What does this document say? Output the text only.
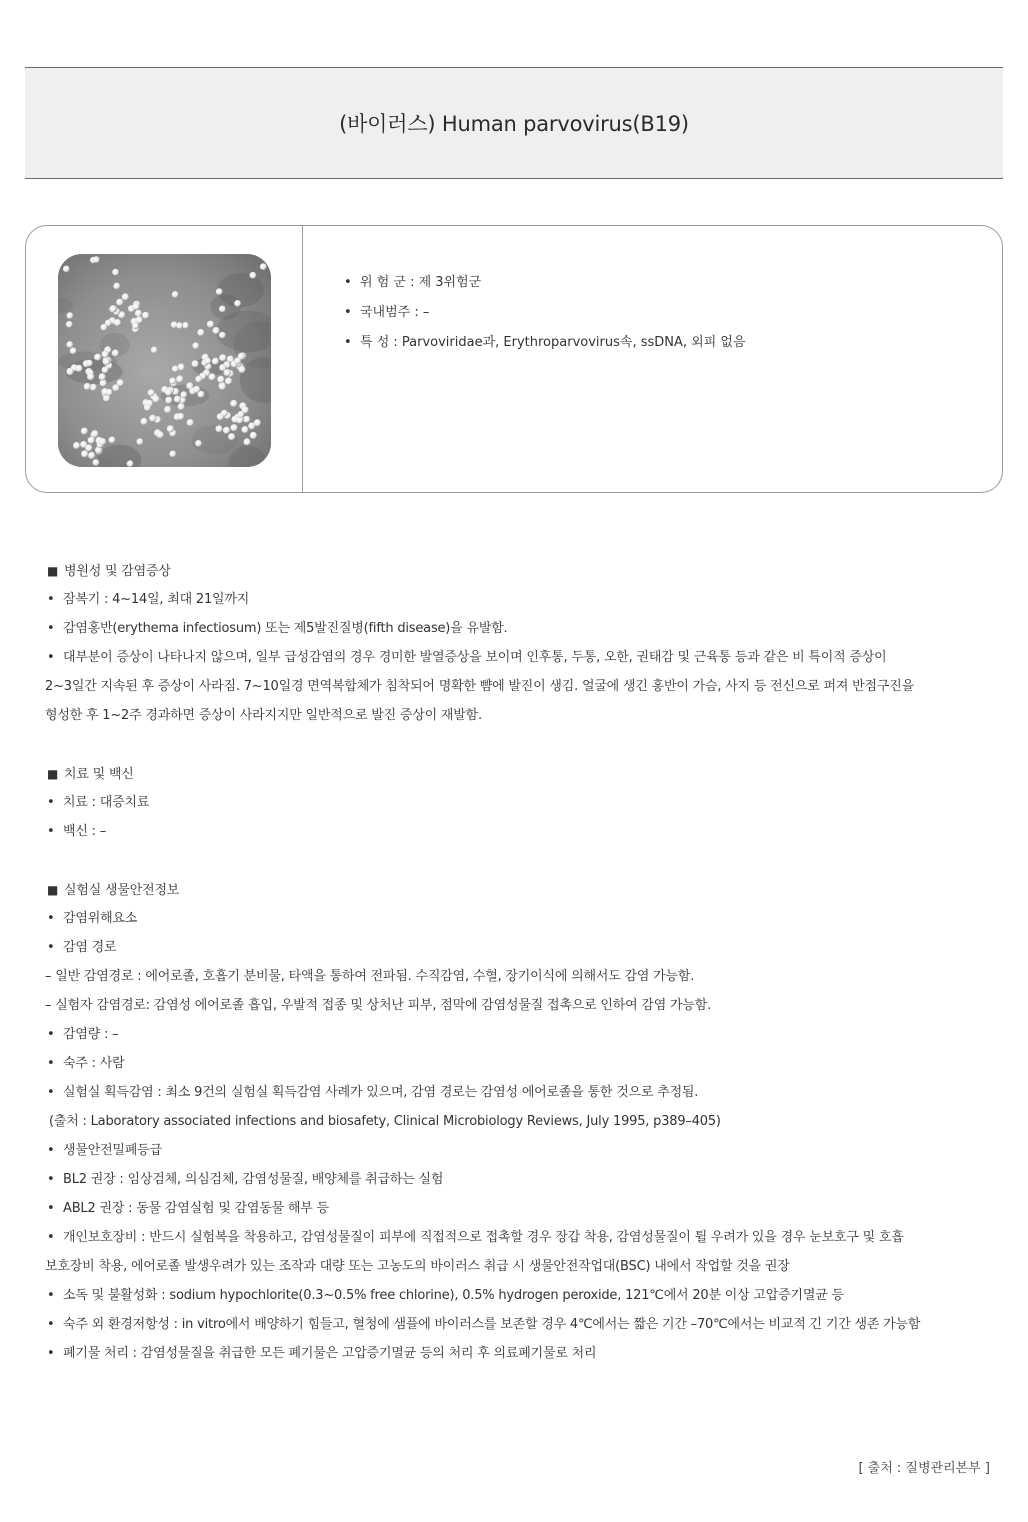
(바이러스) Human parvovirus(B19)
• 위 험 군 : 제 3위험군
• 국내범주 : –
• 특 성 : Parvoviridae과, Erythroparvovirus속, ssDNA, 외피 없음
■ 병원성 및 감염증상
• 잠복기 : 4~14일, 최대 21일까지
• 감염홍반(erythema infectiosum) 또는 제5발진질병(fifth disease)을 유발함.
• 대부분이 증상이 나타나지 않으며, 일부 급성감염의 경우 경미한 발열증상을 보이며 인후통, 두통, 오한, 권태감 및 근육통 등과 같은 비 특이적 증상이
2~3일간 지속된 후 증상이 사라짐. 7~10일경 면역복합체가 침착되어 명확한 뺨에 발진이 생김. 얼굴에 생긴 홍반이 가슴, 사지 등 전신으로 퍼져 반점구진을
형성한 후 1~2주 경과하면 증상이 사라지지만 일반적으로 발진 증상이 재발함.
■ 치료 및 백신
• 치료 : 대증치료
• 백신 : –
■ 실험실 생물안전정보
• 감염위해요소
• 감염 경로
– 일반 감염경로 : 에어로졸, 호흡기 분비물, 타액을 통하여 전파됨. 수직감염, 수혈, 장기이식에 의해서도 감염 가능함.
– 실험자 감염경로: 감염성 에어로졸 흡입, 우발적 접종 및 상처난 피부, 점막에 감염성물질 접촉으로 인하여 감염 가능함.
• 감염량 : –
• 숙주 : 사람
• 실험실 획득감염 : 최소 9건의 실험실 획득감염 사례가 있으며, 감염 경로는 감염성 에어로졸을 통한 것으로 추정됨.
(출처 : Laboratory associated infections and biosafety, Clinical Microbiology Reviews, July 1995, p389–405)
• 생물안전밀폐등급
• BL2 권장 : 임상검체, 의심검체, 감염성물질, 배양체를 취급하는 실험
• ABL2 권장 : 동물 감염실험 및 감염동물 해부 등
• 개인보호장비 : 반드시 실험복을 착용하고, 감염성물질이 피부에 직접적으로 접촉할 경우 장갑 착용, 감염성물질이 튈 우려가 있을 경우 눈보호구 및 호흡
보호장비 착용, 에어로졸 발생우려가 있는 조작과 대량 또는 고농도의 바이러스 취급 시 생물안전작업대(BSC) 내에서 작업할 것을 권장
• 소독 및 불활성화 : sodium hypochlorite(0.3~0.5% free chlorine), 0.5% hydrogen peroxide, 121℃에서 20분 이상 고압증기멸균 등
• 숙주 외 환경저항성 : in vitro에서 배양하기 힘들고, 혈청에 샘플에 바이러스를 보존할 경우 4℃에서는 짧은 기간 –70℃에서는 비교적 긴 기간 생존 가능함
• 폐기물 처리 : 감염성물질을 취급한 모든 폐기물은 고압증기멸균 등의 처리 후 의료폐기물로 처리
[ 출처 : 질병관리본부 ]
